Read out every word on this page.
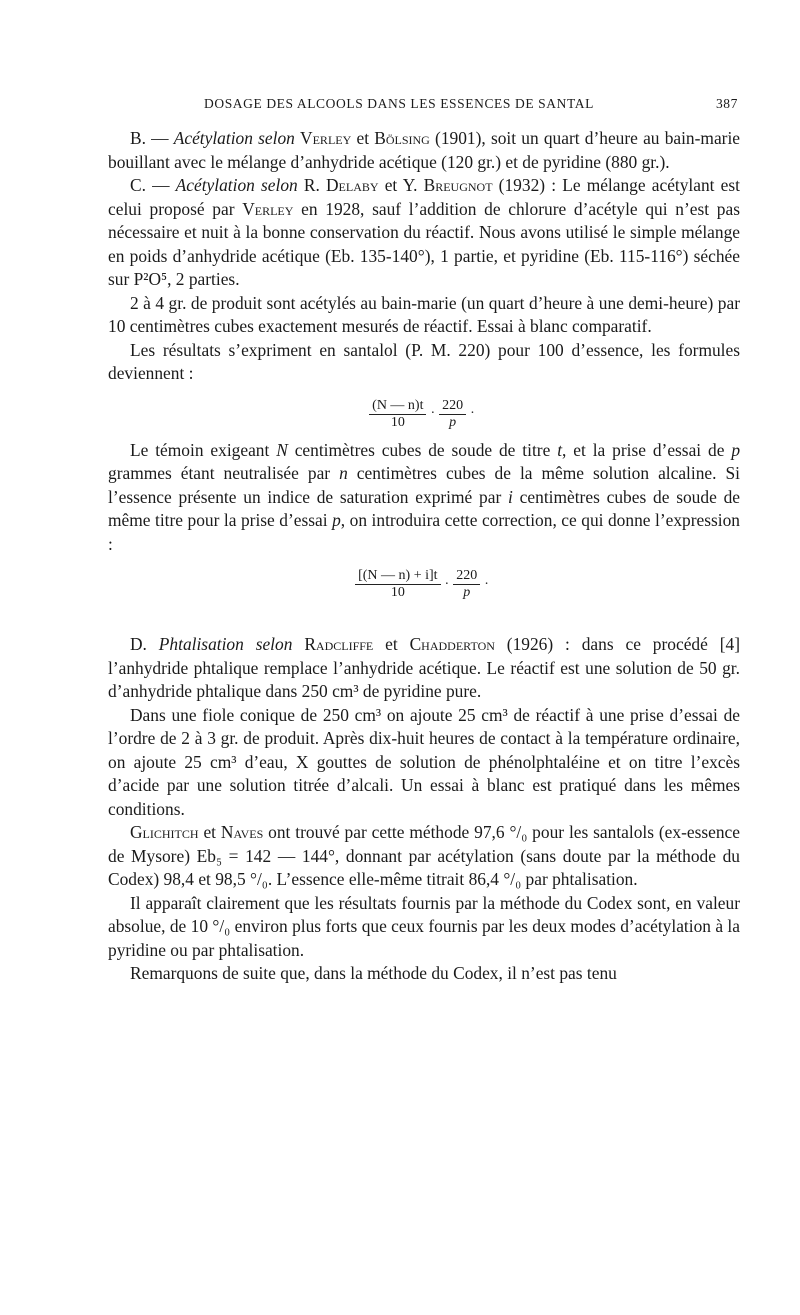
DOSAGE DES ALCOOLS DANS LES ESSENCES DE SANTAL	387

B. — Acétylation selon Verley et Bölsing (1901), soit un quart d’heure au bain-marie bouillant avec le mélange d’anhydride acétique (120 gr.) et de pyridine (880 gr.).

C. — Acétylation selon R. Delaby et Y. Breugnot (1932) : Le mélange acétylant est celui proposé par Verley en 1928, sauf l’addition de chlorure d’acétyle qui n’est pas nécessaire et nuit à la bonne conservation du réactif. Nous avons utilisé le simple mélange en poids d’anhydride acétique (Eb. 135-140°), 1 partie, et pyridine (Eb. 115-116°) séchée sur P²O⁵, 2 parties.

2 à 4 gr. de produit sont acétylés au bain-marie (un quart d’heure à une demi-heure) par 10 centimètres cubes exactement mesurés de réactif. Essai à blanc comparatif.

Les résultats s’expriment en santalol (P. M. 220) pour 100 d’essence, les formules deviennent :

$\frac{(N — n)t}{10} \cdot \frac{220}{p}$ ·

Le témoin exigeant N centimètres cubes de soude de titre t, et la prise d’essai de p grammes étant neutralisée par n centimètres cubes de la même solution alcaline. Si l’essence présente un indice de saturation exprimé par i centimètres cubes de soude de même titre pour la prise d’essai p, on introduira cette correction, ce qui donne l’expression :

$\frac{[(N — n) + i]t}{10} \cdot \frac{220}{p}$ ·

D. Phtalisation selon Radcliffe et Chadderton (1926) : dans ce procédé [4] l’anhydride phtalique remplace l’anhydride acétique. Le réactif est une solution de 50 gr. d’anhydride phtalique dans 250 cm³ de pyridine pure.

Dans une fiole conique de 250 cm³ on ajoute 25 cm³ de réactif à une prise d’essai de l’ordre de 2 à 3 gr. de produit. Après dix-huit heures de contact à la température ordinaire, on ajoute 25 cm³ d’eau, X gouttes de solution de phénolphtaléine et on titre l’excès d’acide par une solution titrée d’alcali. Un essai à blanc est pratiqué dans les mêmes conditions.

Glichitch et Naves ont trouvé par cette méthode 97,6 °/₀ pour les santalols (ex-essence de Mysore) Eb₅ = 142 — 144°, donnant par acétylation (sans doute par la méthode du Codex) 98,4 et 98,5 °/₀. L’essence elle-même titrait 86,4 °/₀ par phtalisation.

Il apparaît clairement que les résultats fournis par la méthode du Codex sont, en valeur absolue, de 10 °/₀ environ plus forts que ceux fournis par les deux modes d’acétylation à la pyridine ou par phtalisation.

Remarquons de suite que, dans la méthode du Codex, il n’est pas tenu
